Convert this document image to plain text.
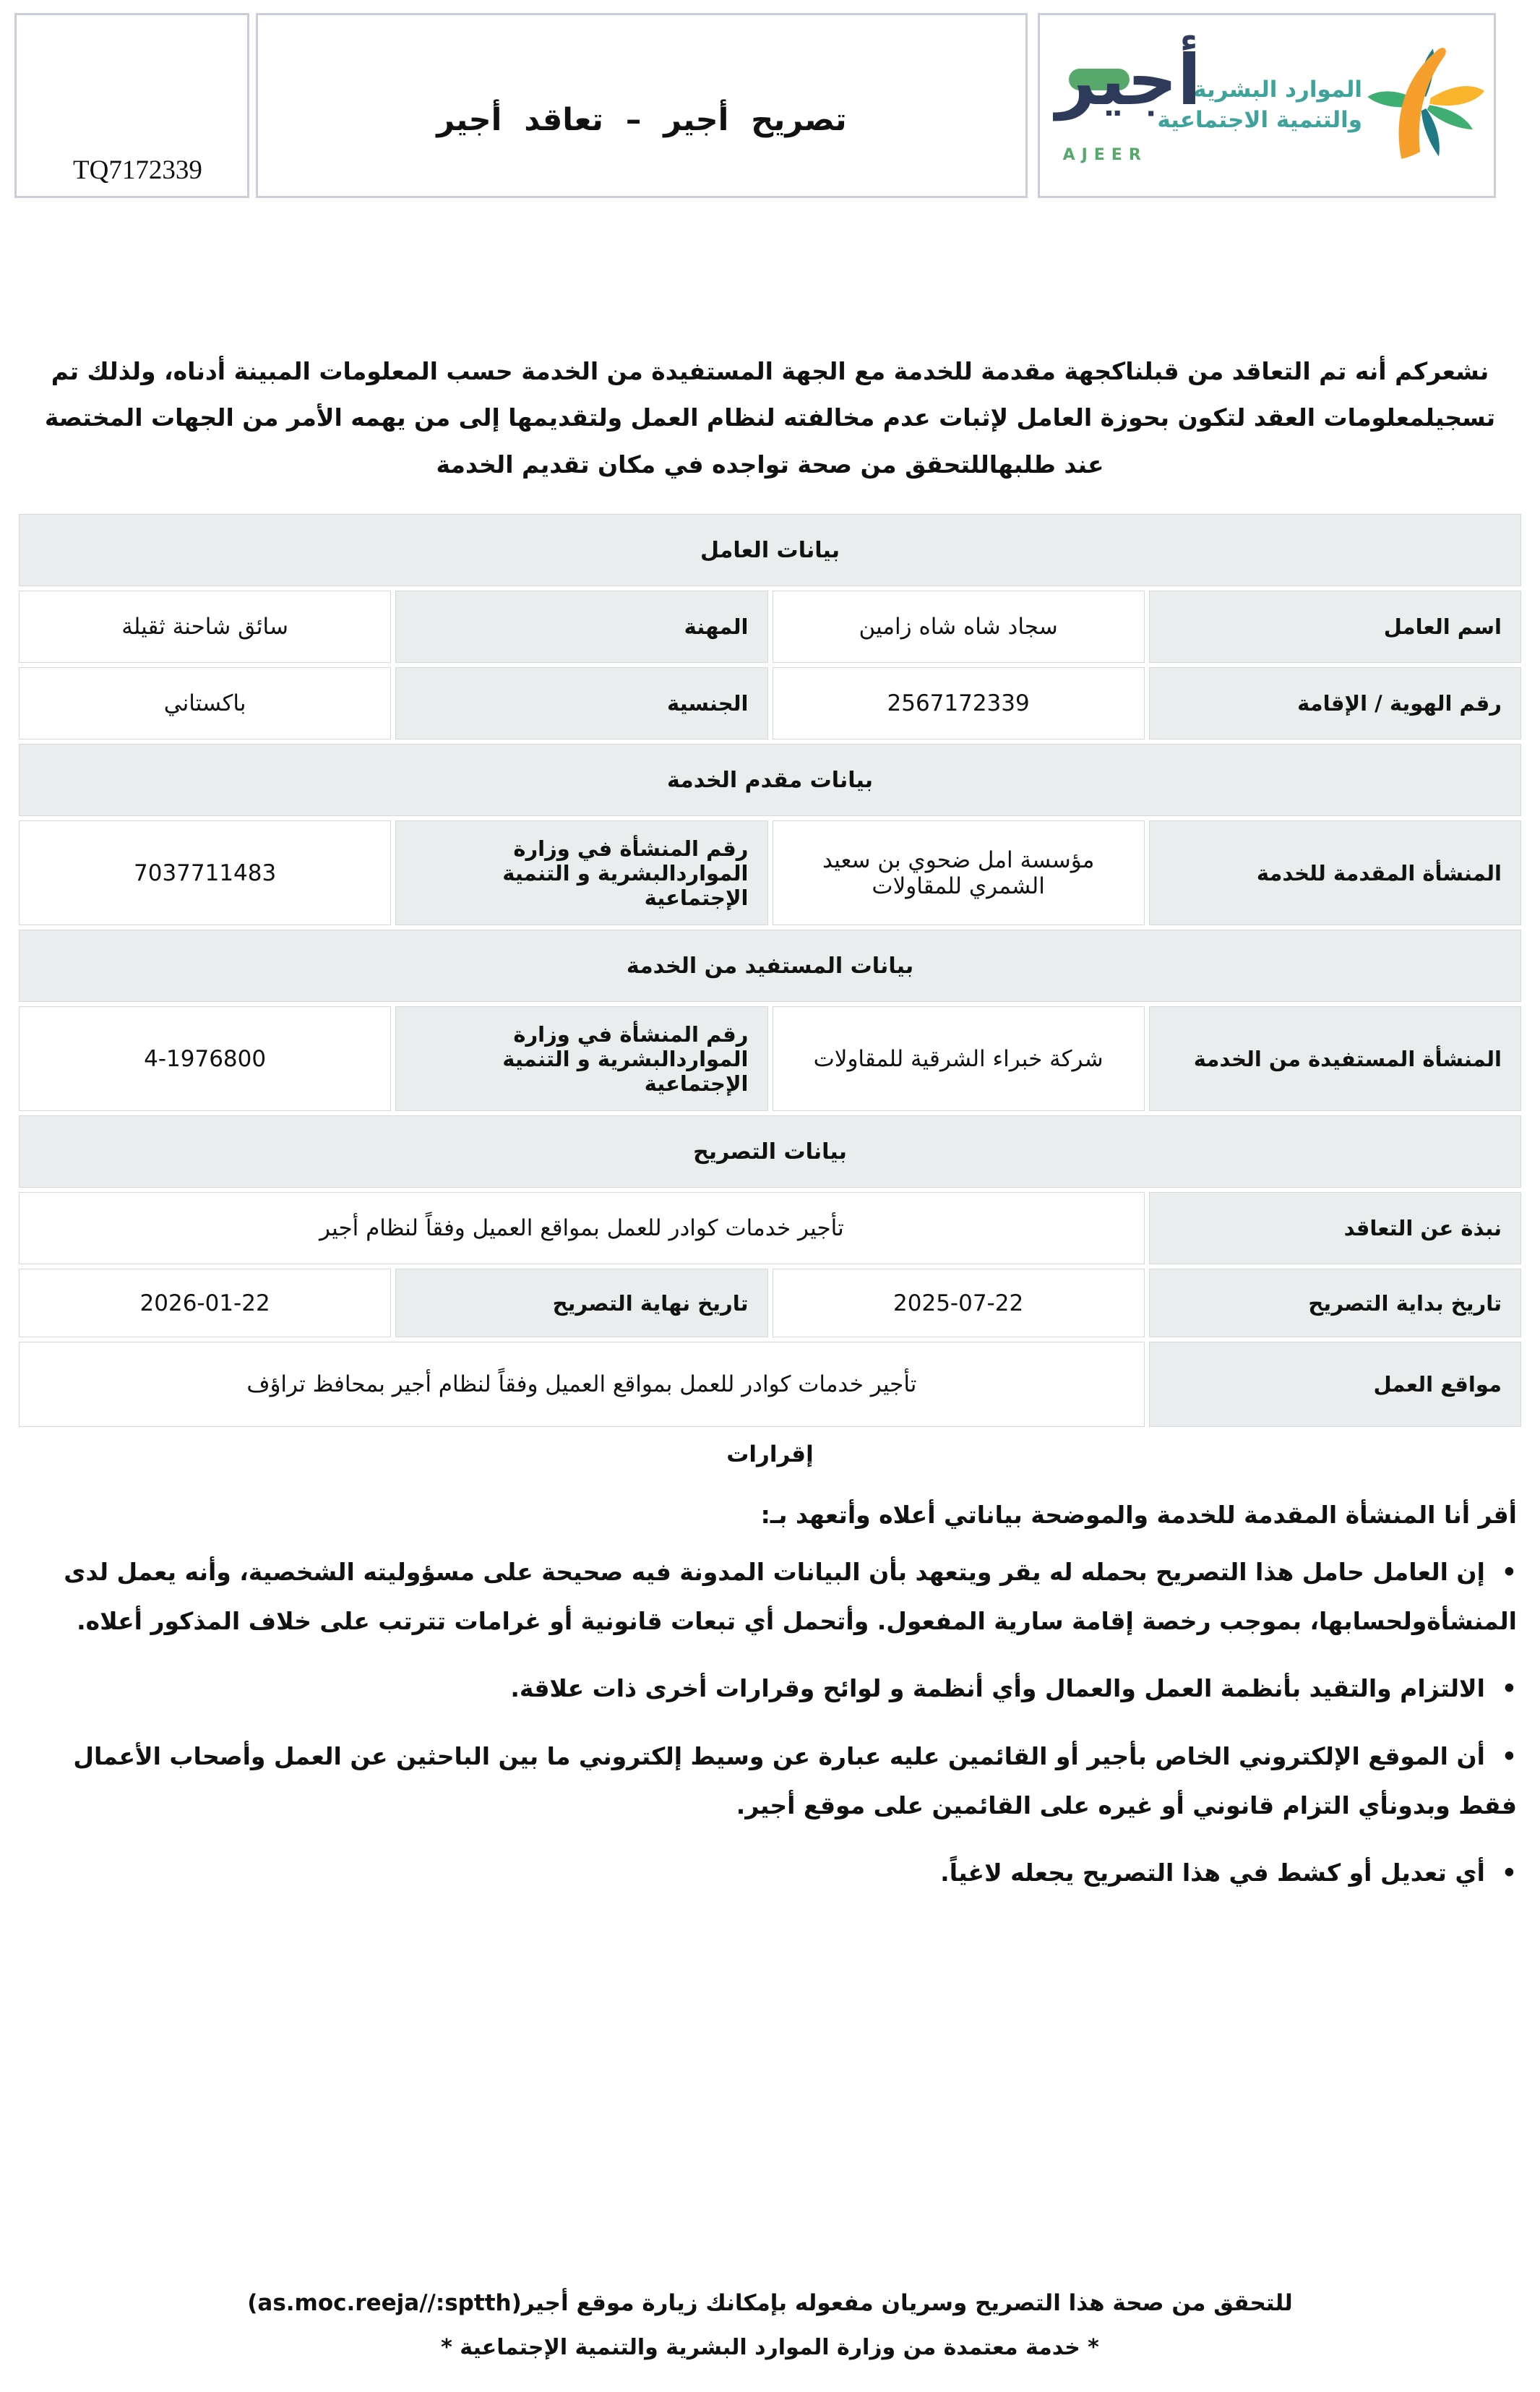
TQ7172339
تصريح أجير – تعاقد أجير	أجير
AJEER
الموارد البشرية
والتنمية الاجتماعية
نشعركم أنه تم التعاقد من قبلناكجهة مقدمة للخدمة مع الجهة المستفيدة من الخدمة حسب المعلومات المبينة أدناه، ولذلك تم تسجيلمعلومات العقد لتكون بحوزة العامل لإثبات عدم مخالفته لنظام العمل ولتقديمها إلى من يهمه الأمر من الجهات المختصة عند طلبهاللتحقق من صحة تواجده في مكان تقديم الخدمة
بيانات العامل			
اسم العامل	سجاد شاه شاه زامين	المهنة	سائق شاحنة ثقيلة
رقم الهوية / الإقامة	2567172339	الجنسية	باكستاني
بيانات مقدم الخدمة			
المنشأة المقدمة للخدمة	مؤسسة امل ضحوي بن سعيد الشمري للمقاولات	رقم المنشأة في وزارة المواردالبشرية و التنمية الإجتماعية	7037711483
بيانات المستفيد من الخدمة			
المنشأة المستفيدة من الخدمة	شركة خبراء الشرقية للمقاولات	رقم المنشأة في وزارة المواردالبشرية و التنمية الإجتماعية	4-1976800
بيانات التصريح			
نبذة عن التعاقد	تأجير خدمات كوادر للعمل بمواقع العميل وفقاً لنظام أجير		
تاريخ بداية التصريح	2025-07-22	تاريخ نهاية التصريح	2026-01-22
مواقع العمل	تأجير خدمات كوادر للعمل بمواقع العميل وفقاً لنظام أجير بمحافظ تراؤف		
إقرارات
أقر أنا المنشأة المقدمة للخدمة والموضحة بياناتي أعلاه وأتعهد بـ:
•  إن العامل حامل هذا التصريح بحمله له يقر ويتعهد بأن البيانات المدونة فيه صحيحة على مسؤوليته الشخصية، وأنه يعمل لدى المنشأةولحسابها، بموجب رخصة إقامة سارية المفعول. وأتحمل أي تبعات قانونية أو غرامات تترتب على خلاف المذكور أعلاه.
•  الالتزام والتقيد بأنظمة العمل والعمال وأي أنظمة و لوائح وقرارات أخرى ذات علاقة.
•  أن الموقع الإلكتروني الخاص بأجير أو القائمين عليه عبارة عن وسيط إلكتروني ما بين الباحثين عن العمل وأصحاب الأعمال فقط وبدونأي التزام قانوني أو غيره على القائمين على موقع أجير.
•  أي تعديل أو كشط في هذا التصريح يجعله لاغياً.
للتحقق من صحة هذا التصريح وسريان مفعوله بإمكانك زيارة موقع أجير(as.moc.reeja//:sptth)
* خدمة معتمدة من وزارة الموارد البشرية والتنمية الإجتماعية *
